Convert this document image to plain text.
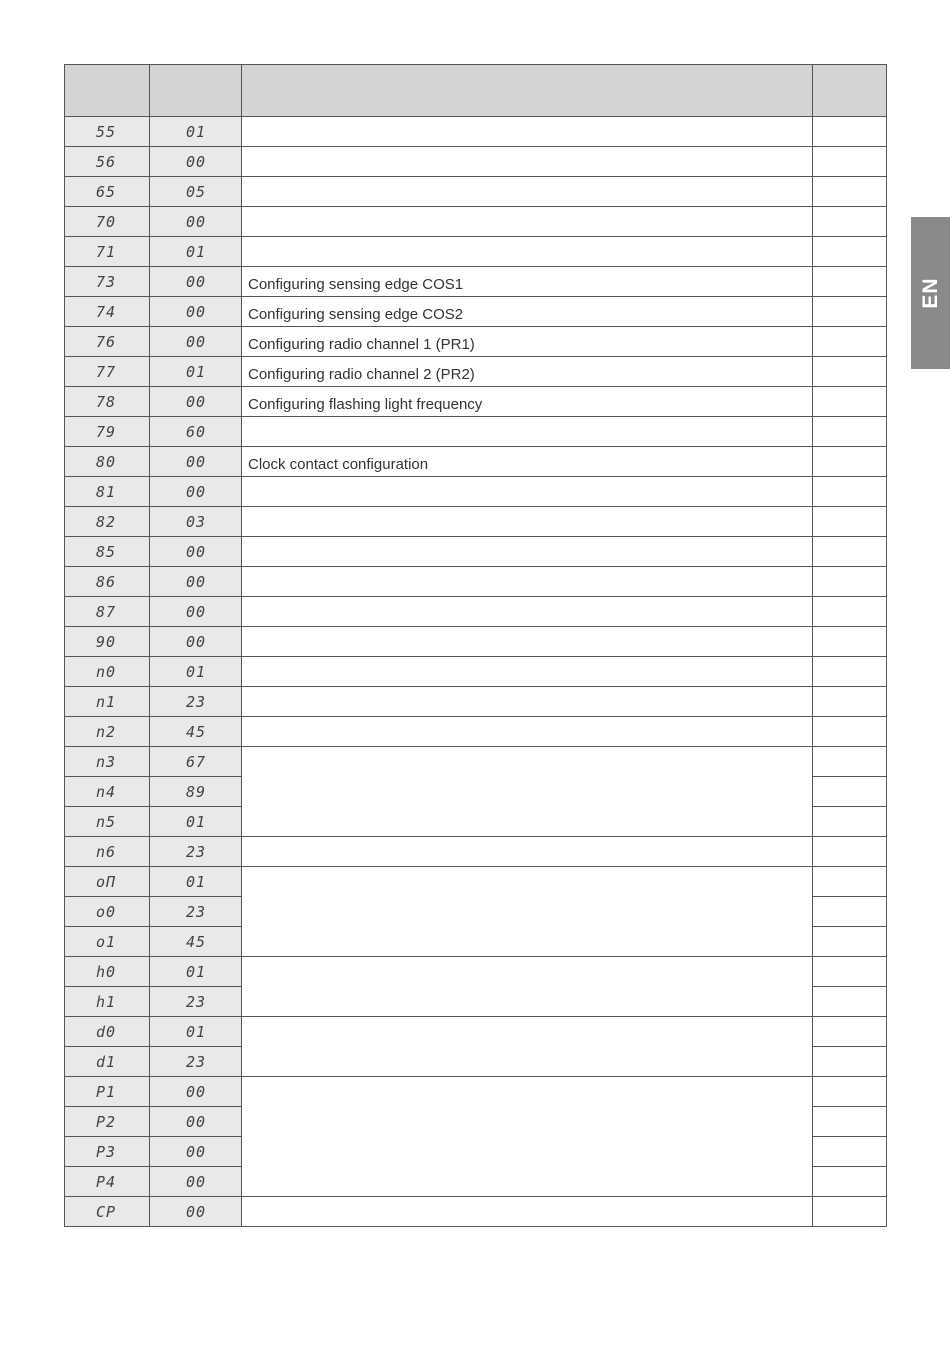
55	01		
56	00		
65	05		
70	00		
71	01		
73	00	Configuring sensing edge COS1	
74	00	Configuring sensing edge COS2	
76	00	Configuring radio channel 1 (PR1)	
77	01	Configuring radio channel 2 (PR2)	
78	00	Configuring flashing light frequency	
79	60		
80	00	Clock contact configuration	
81	00		
82	03		
85	00		
86	00		
87	00		
90	00		
n0	01		
n1	23		
n2	45		
n3	67		
n4	89		
n5	01		
n6	23		
oΠ	01		
o0	23		
o1	45		
h0	01		
h1	23		
d0	01		
d1	23		
P1	00		
P2	00		
P3	00		
P4	00		
CP	00		
EN
